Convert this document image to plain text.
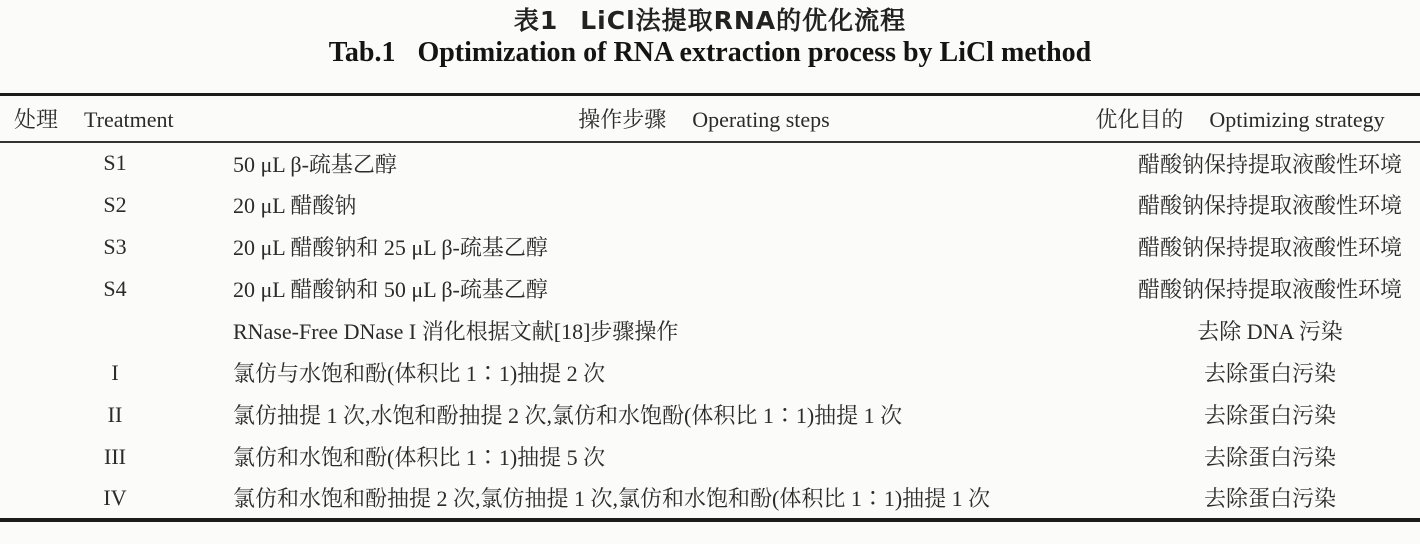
表1 LiCl法提取RNA的优化流程
Tab.1 Optimization of RNA extraction process by LiCl method
处理 Treatment	操作步骤 Operating steps	优化目的 Optimizing strategy
S1	50 μL β-疏基乙醇	醋酸钠保持提取液酸性环境
S2	20 μL 醋酸钠	醋酸钠保持提取液酸性环境
S3	20 μL 醋酸钠和 25 μL β-疏基乙醇	醋酸钠保持提取液酸性环境
S4	20 μL 醋酸钠和 50 μL β-疏基乙醇	醋酸钠保持提取液酸性环境
	RNase-Free DNase I 消化根据文献[18]步骤操作	去除 DNA 污染
I	氯仿与水饱和酚(体积比 1∶1)抽提 2 次	去除蛋白污染
II	氯仿抽提 1 次,水饱和酚抽提 2 次,氯仿和水饱酚(体积比 1∶1)抽提 1 次	去除蛋白污染
III	氯仿和水饱和酚(体积比 1∶1)抽提 5 次	去除蛋白污染
IV	氯仿和水饱和酚抽提 2 次,氯仿抽提 1 次,氯仿和水饱和酚(体积比 1∶1)抽提 1 次	去除蛋白污染
